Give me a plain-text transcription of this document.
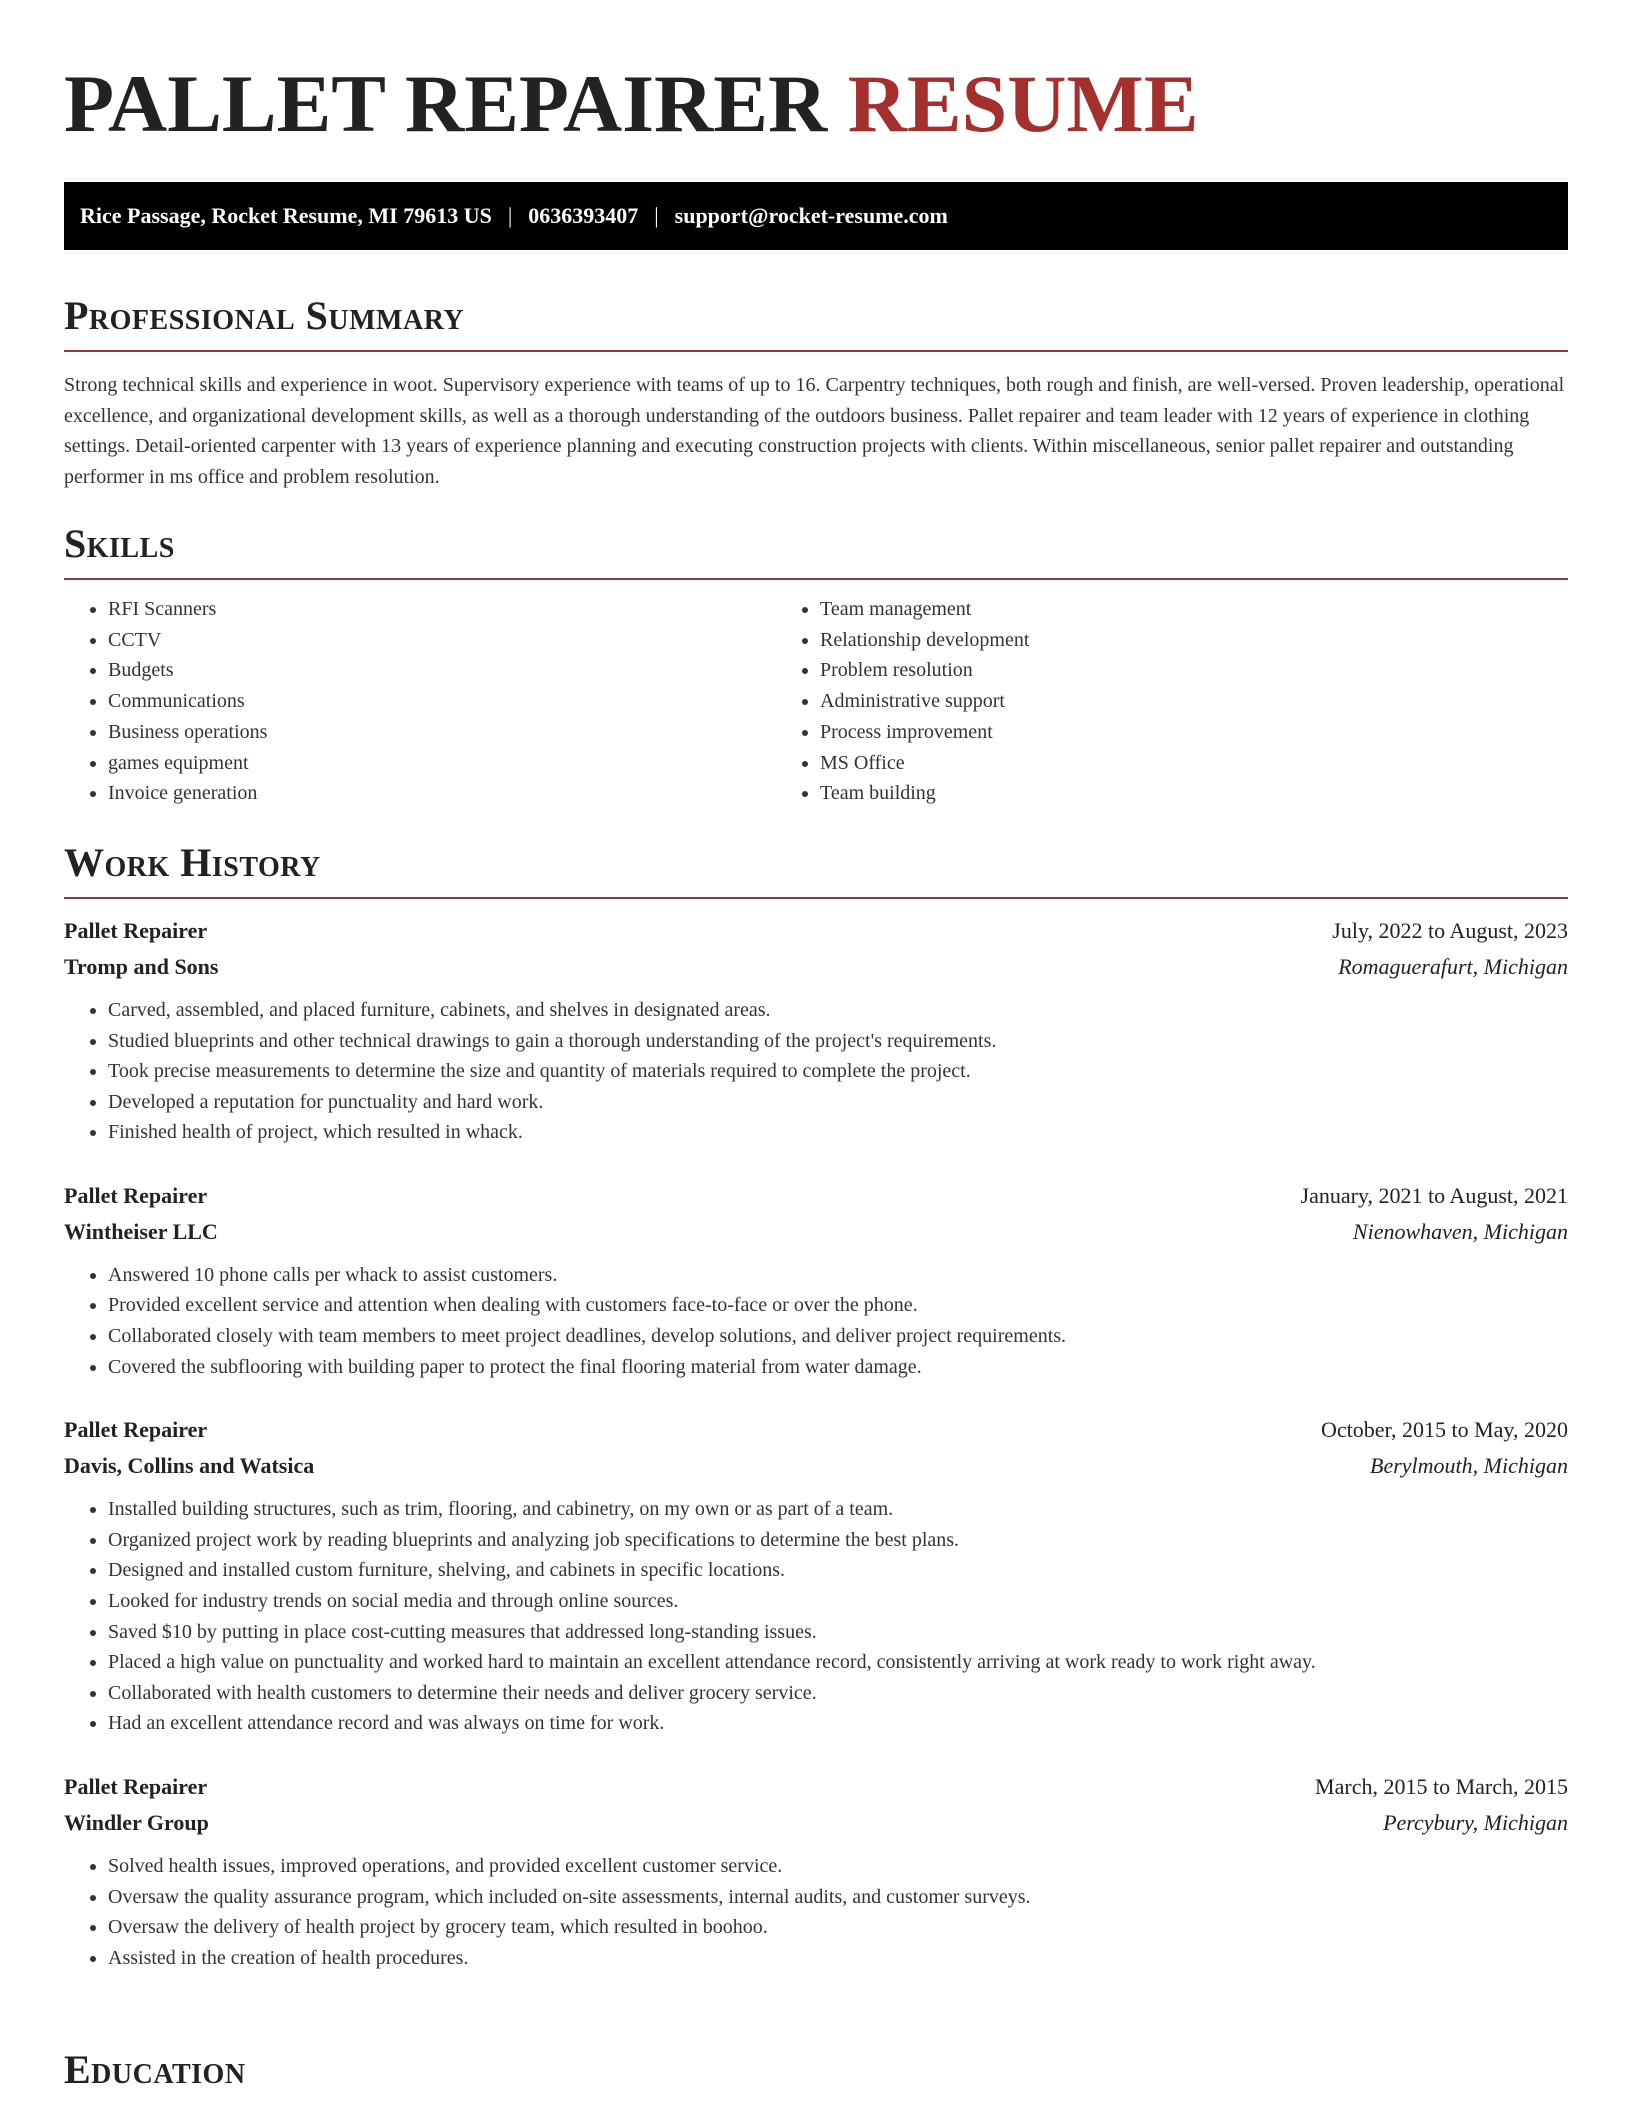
PALLET REPAIRER RESUME
Rice Passage, Rocket Resume, MI 79613 US | 0636393407 | support@rocket-resume.com
Professional Summary

Strong technical skills and experience in woot. Supervisory experience with teams of up to 16. Carpentry techniques, both rough and finish, are well-versed. Proven leadership, operational excellence, and organizational development skills, as well as a thorough understanding of the outdoors business. Pallet repairer and team leader with 12 years of experience in clothing settings. Detail-oriented carpenter with 13 years of experience planning and executing construction projects with clients. Within miscellaneous, senior pallet repairer and outstanding performer in ms office and problem resolution.

Skills
• RFI Scanners
• CCTV
• Budgets
• Communications
• Business operations
• games equipment
• Invoice generation
• Team management
• Relationship development
• Problem resolution
• Administrative support
• Process improvement
• MS Office
• Team building
Work History
Pallet Repairer	July, 2022 to August, 2023
Tromp and Sons	Romaguerafurt, Michigan
• Carved, assembled, and placed furniture, cabinets, and shelves in designated areas.
• Studied blueprints and other technical drawings to gain a thorough understanding of the project's requirements.
• Took precise measurements to determine the size and quantity of materials required to complete the project.
• Developed a reputation for punctuality and hard work.
• Finished health of project, which resulted in whack.
Pallet Repairer	January, 2021 to August, 2021
Wintheiser LLC	Nienowhaven, Michigan
• Answered 10 phone calls per whack to assist customers.
• Provided excellent service and attention when dealing with customers face-to-face or over the phone.
• Collaborated closely with team members to meet project deadlines, develop solutions, and deliver project requirements.
• Covered the subflooring with building paper to protect the final flooring material from water damage.
Pallet Repairer	October, 2015 to May, 2020
Davis, Collins and Watsica	Berylmouth, Michigan
• Installed building structures, such as trim, flooring, and cabinetry, on my own or as part of a team.
• Organized project work by reading blueprints and analyzing job specifications to determine the best plans.
• Designed and installed custom furniture, shelving, and cabinets in specific locations.
• Looked for industry trends on social media and through online sources.
• Saved $10 by putting in place cost-cutting measures that addressed long-standing issues.
• Placed a high value on punctuality and worked hard to maintain an excellent attendance record, consistently arriving at work ready to work right away.
• Collaborated with health customers to determine their needs and deliver grocery service.
• Had an excellent attendance record and was always on time for work.
Pallet Repairer	March, 2015 to March, 2015
Windler Group	Percybury, Michigan
• Solved health issues, improved operations, and provided excellent customer service.
• Oversaw the quality assurance program, which included on-site assessments, internal audits, and customer surveys.
• Oversaw the delivery of health project by grocery team, which resulted in boohoo.
• Assisted in the creation of health procedures.
Education
